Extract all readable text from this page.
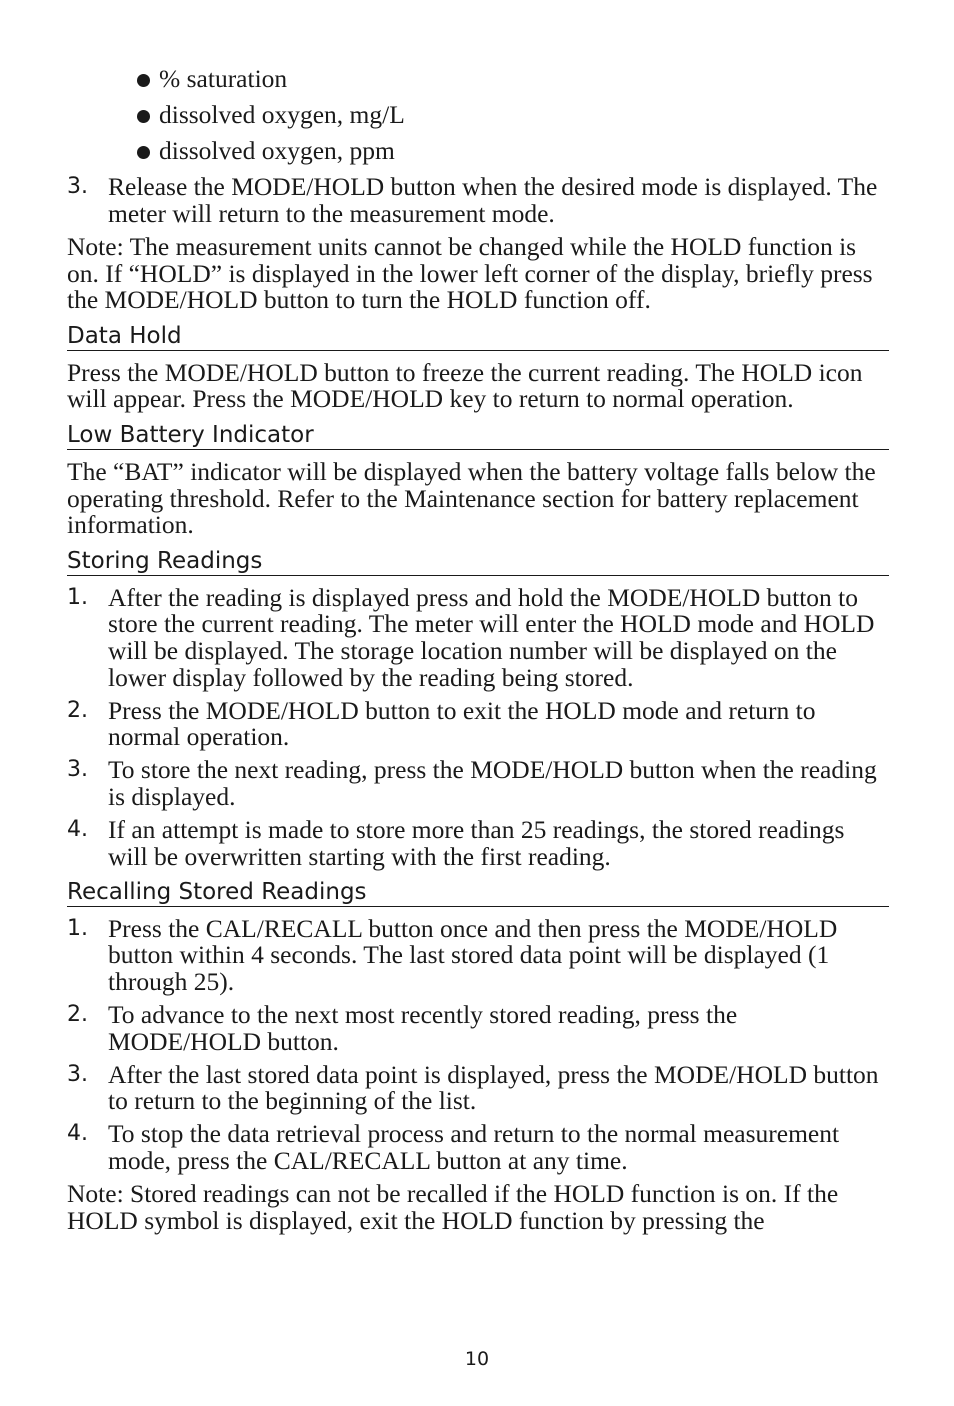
% saturation
dissolved oxygen, mg/L
dissolved oxygen, ppm
3. Release the MODE/HOLD button when the desired mode is displayed. The meter will return to the measurement mode.
Note: The measurement units cannot be changed while the HOLD function is on. If “HOLD” is displayed in the lower left corner of the display, briefly press the MODE/HOLD button to turn the HOLD function off.
Data Hold
Press the MODE/HOLD button to freeze the current reading. The HOLD icon will appear. Press the MODE/HOLD key to return to normal operation.
Low Battery Indicator
The “BAT” indicator will be displayed when the battery voltage falls below the operating threshold. Refer to the Maintenance section for battery replacement information.
Storing Readings
1. After the reading is displayed press and hold the MODE/HOLD button to store the current reading. The meter will enter the HOLD mode and HOLD will be displayed. The storage location number will be displayed on the lower display followed by the reading being stored.
2. Press the MODE/HOLD button to exit the HOLD mode and return to normal operation.
3. To store the next reading, press the MODE/HOLD button when the reading is displayed.
4. If an attempt is made to store more than 25 readings, the stored readings will be overwritten starting with the first reading.
Recalling Stored Readings
1. Press the CAL/RECALL button once and then press the MODE/HOLD button within 4 seconds. The last stored data point will be displayed (1 through 25).
2. To advance to the next most recently stored reading, press the MODE/HOLD button.
3. After the last stored data point is displayed, press the MODE/HOLD button to return to the beginning of the list.
4. To stop the data retrieval process and return to the normal measurement mode, press the CAL/RECALL button at any time.
Note: Stored readings can not be recalled if the HOLD function is on. If the HOLD symbol is displayed, exit the HOLD function by pressing the
10
